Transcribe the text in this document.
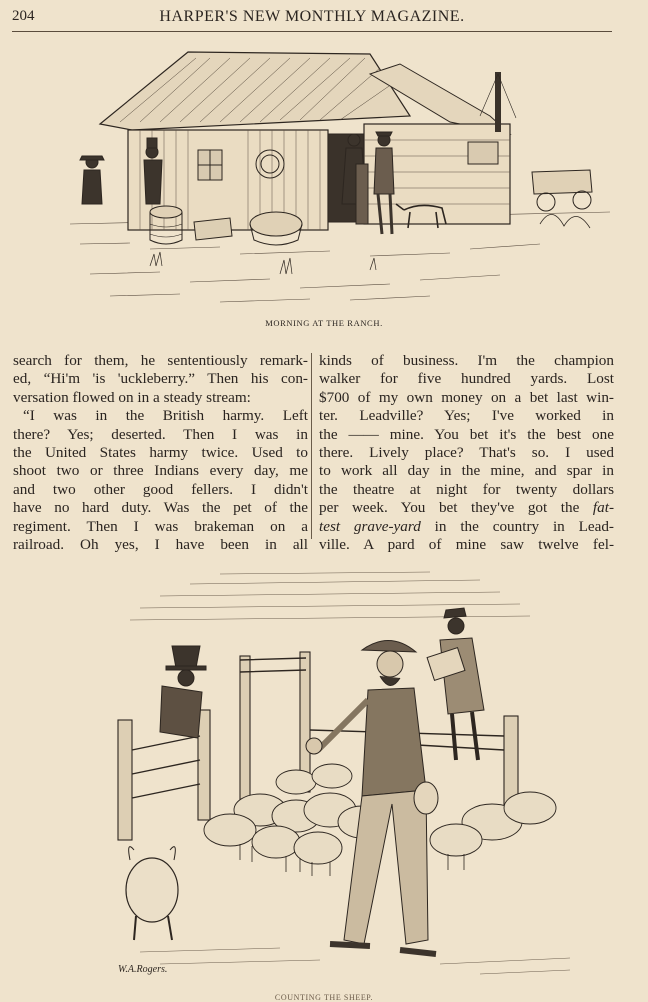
204	HARPER'S NEW MONTHLY MAGAZINE.
MORNING AT THE RANCH.
search for them, he sententiously remark-
ed, “Hi'm 'is 'uckleberry.” Then his con-
versation flowed on in a steady stream:
“I was in the British harmy. Left
there? Yes; deserted. Then I was in
the United States harmy twice. Used to
shoot two or three Indians every day, me
and two other good fellers. I didn't
have no hard duty. Was the pet of the
regiment. Then I was brakeman on a
railroad. Oh yes, I have been in all
kinds of business. I'm the champion
walker for five hundred yards. Lost
$700 of my own money on a bet last win-
ter. Leadville? Yes; I've worked in
the —— mine. You bet it's the best one
there. Lively place? That's so. I used
to work all day in the mine, and spar in
the theatre at night for twenty dollars
per week. You bet they've got the fat-
test grave-yard in the country in Lead-
ville. A pard of mine saw twelve fel-
W.A.Rogers.
COUNTING THE SHEEP.
